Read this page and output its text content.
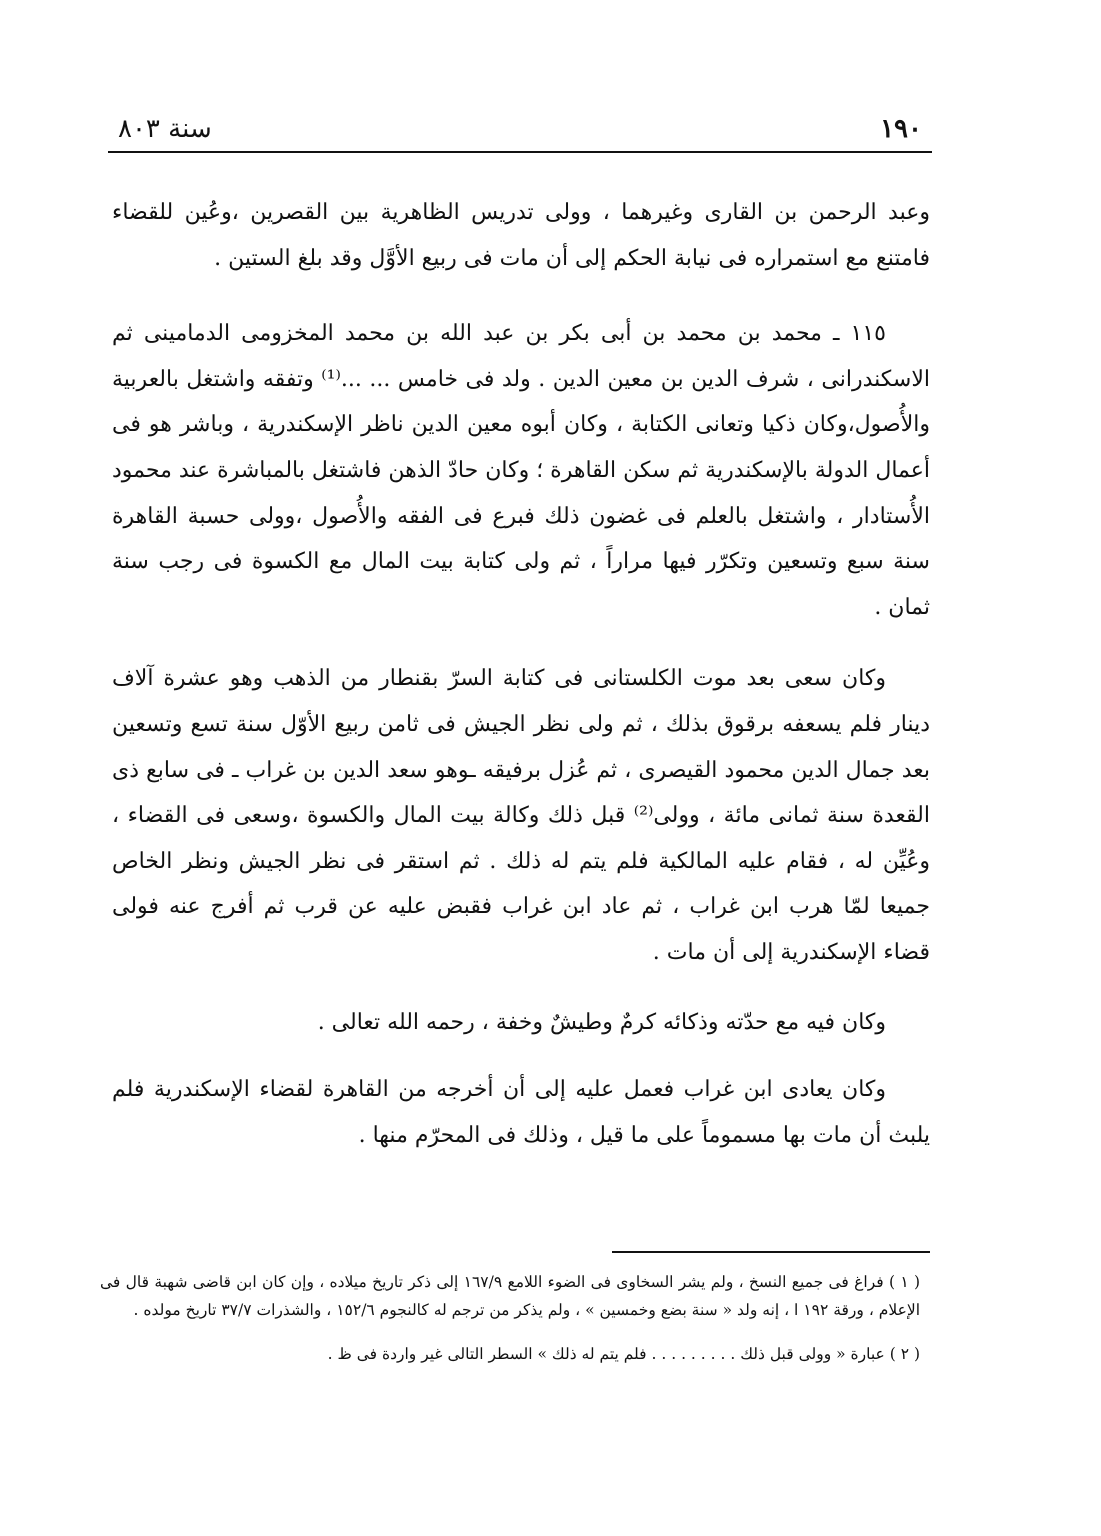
سنة ٨٠٣	١٩٠

وعبد الرحمن بن القارى وغيرهما ، وولى تدريس الظاهرية بين القصرين ،وعُين للقضاء فامتنع مع استمراره فى نيابة الحكم إلى أن مات فى ربيع الأوَّل وقد بلغ الستين .

١١٥ ـ محمد بن محمد بن أبى بكر بن عبد الله بن محمد المخزومى الدمامينى ثم الاسكندرانى ، شرف الدين بن معين الدين . ولد فى خامس ... ...⁽¹⁾ وتفقه واشتغل بالعربية والأُصول،وكان ذكيا وتعانى الكتابة ، وكان أبوه معين الدين ناظر الإسكندرية ، وباشر هو فى أعمال الدولة بالإسكندرية ثم سكن القاهرة ؛ وكان حادّ الذهن فاشتغل بالمباشرة عند محمود الأُستادار ، واشتغل بالعلم فى غضون ذلك فبرع فى الفقه والأُصول ،وولى حسبة القاهرة سنة سبع وتسعين وتكرّر فيها مراراً ، ثم ولى كتابة بيت المال مع الكسوة فى رجب سنة ثمان .

وكان سعى بعد موت الكلستانى فى كتابة السرّ بقنطار من الذهب وهو عشرة آلاف دينار فلم يسعفه برقوق بذلك ، ثم ولى نظر الجيش فى ثامن ربيع الأوّل سنة تسع وتسعين بعد جمال الدين محمود القيصرى ، ثم عُزل برفيقه ـوهو سعد الدين بن غراب ـ فى سابع ذى القعدة سنة ثمانى مائة ، وولى⁽²⁾ قبل ذلك وكالة بيت المال والكسوة ،وسعى فى القضاء ، وعُيِّن له ، فقام عليه المالكية فلم يتم له ذلك . ثم استقر فى نظر الجيش ونظر الخاص جميعا لمّا هرب ابن غراب ، ثم عاد ابن غراب فقبض عليه عن قرب ثم أفرج عنه فولى قضاء الإسكندرية إلى أن مات .

وكان فيه مع حدّته وذكائه كرمٌ وطيشٌ وخفة ، رحمه الله تعالى .

وكان يعادى ابن غراب فعمل عليه إلى أن أخرجه من القاهرة لقضاء الإسكندرية فلم يلبث أن مات بها مسموماً على ما قيل ، وذلك فى المحرّم منها .

( ١ ) فراغ فى جميع النسخ ، ولم يشر السخاوى فى الضوء اللامع ١٦٧/٩ إلى ذكر تاريخ ميلاده ، وإن كان ابن قاضى شهبة قال فى الإعلام ، ورقة ١٩٢ ا ، إنه ولد « سنة بضع وخمسين » ، ولم يذكر من ترجم له كالنجوم ١٥٢/٦ ، والشذرات ٣٧/٧ تاريخ مولده .

( ٢ ) عبارة « وولى قبل ذلك . . . . . . . . . فلم يتم له ذلك » السطر التالى غير واردة فى ظ .
